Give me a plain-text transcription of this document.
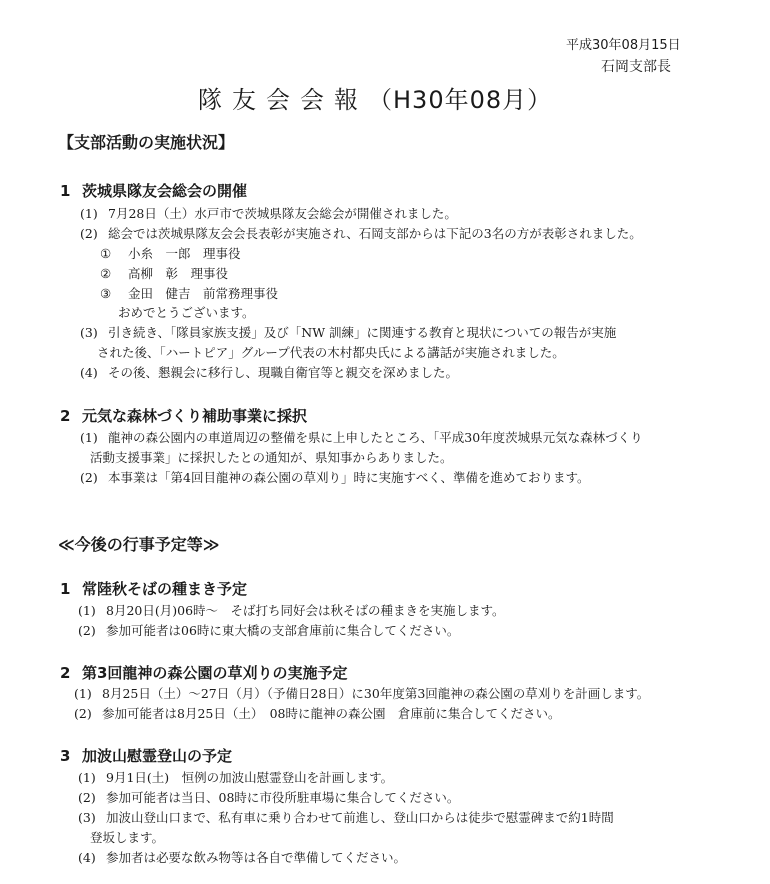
平成30年08月15日
石岡支部長
隊友会会報（H30年08月）
【支部活動の実施状況】
1 茨城県隊友会総会の開催
(1) 7月28日（土）水戸市で茨城県隊友会総会が開催されました。
(2) 総会では茨城県隊友会会長表彰が実施され、石岡支部からは下記の3名の方が表彰されました。
① 小糸　一郎　理事役
② 高柳　彰　理事役
③ 金田　健吉　前常務理事役
おめでとうございます。
(3) 引き続き、「隊員家族支援」及び「NW 訓練」に関連する教育と現状についての報告が実施
された後、「ハートピア」グループ代表の木村都央氏による講話が実施されました。
(4) その後、懇親会に移行し、現職自衛官等と親交を深めました。
2 元気な森林づくり補助事業に採択
(1) 龍神の森公園内の車道周辺の整備を県に上申したところ、「平成30年度茨城県元気な森林づくり
活動支援事業」に採択したとの通知が、県知事からありました。
(2) 本事業は「第4回目龍神の森公園の草刈り」時に実施すべく、準備を進めております。
≪今後の行事予定等≫
1 常陸秋そばの種まき予定
(1) 8月20日(月)06時～　そば打ち同好会は秋そばの種まきを実施します。
(2) 参加可能者は06時に東大橋の支部倉庫前に集合してください。
2 第3回龍神の森公園の草刈りの実施予定
(1) 8月25日（土）～27日（月）（予備日28日）に30年度第3回龍神の森公園の草刈りを計画します。
(2) 参加可能者は8月25日（土）　08時に龍神の森公園　倉庫前に集合してください。
3 加波山慰霊登山の予定
(1) 9月1日(土)　恒例の加波山慰霊登山を計画します。
(2) 参加可能者は当日、08時に市役所駐車場に集合してください。
(3) 加波山登山口まで、私有車に乗り合わせて前進し、登山口からは徒歩で慰霊碑まで約1時間
登坂します。
(4) 参加者は必要な飲み物等は各自で準備してください。
